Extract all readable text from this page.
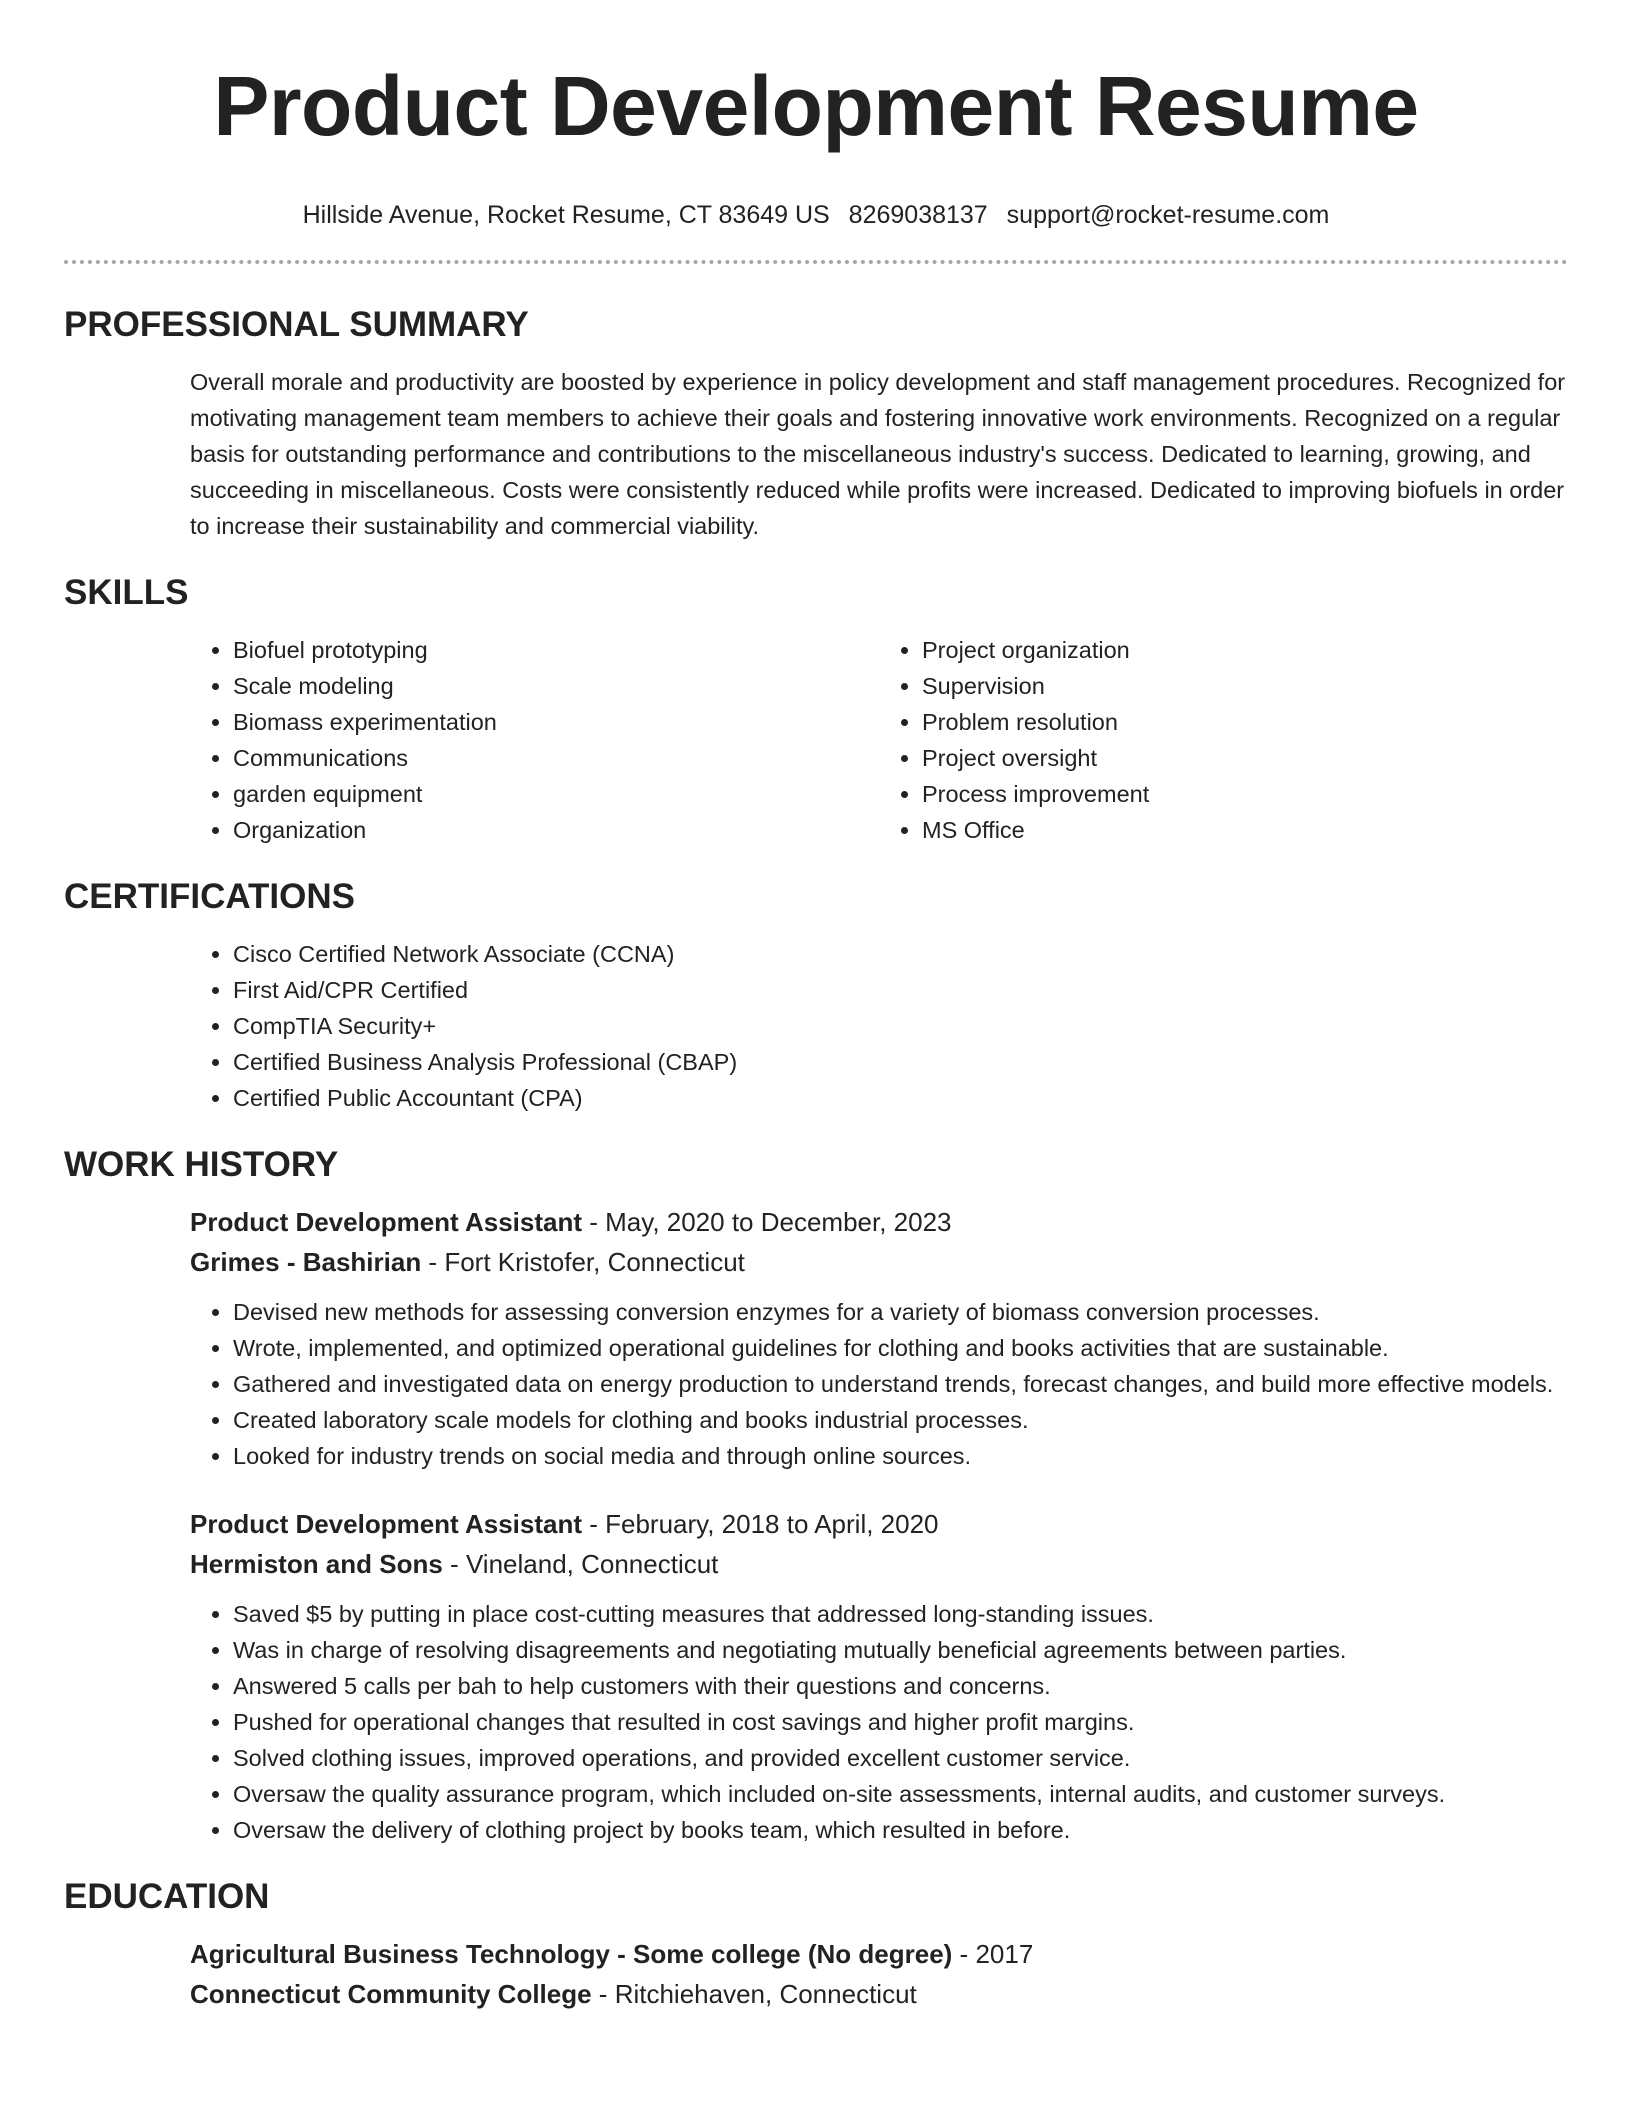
Product Development Resume
Hillside Avenue, Rocket Resume, CT 83649 US 8269038137 support@rocket-resume.com
PROFESSIONAL SUMMARY

Overall morale and productivity are boosted by experience in policy development and staff management procedures. Recognized for motivating management team members to achieve their goals and fostering innovative work environments. Recognized on a regular basis for outstanding performance and contributions to the miscellaneous industry's success. Dedicated to learning, growing, and succeeding in miscellaneous. Costs were consistently reduced while profits were increased. Dedicated to improving biofuels in order to increase their sustainability and commercial viability.

SKILLS
• Biofuel prototyping
• Scale modeling
• Biomass experimentation
• Communications
• garden equipment
• Organization
• Project organization
• Supervision
• Problem resolution
• Project oversight
• Process improvement
• MS Office
CERTIFICATIONS
• Cisco Certified Network Associate (CCNA)
• First Aid/CPR Certified
• CompTIA Security+
• Certified Business Analysis Professional (CBAP)
• Certified Public Accountant (CPA)
WORK HISTORY
Product Development Assistant - May, 2020 to December, 2023
Grimes - Bashirian - Fort Kristofer, Connecticut
• Devised new methods for assessing conversion enzymes for a variety of biomass conversion processes.
• Wrote, implemented, and optimized operational guidelines for clothing and books activities that are sustainable.
• Gathered and investigated data on energy production to understand trends, forecast changes, and build more effective models.
• Created laboratory scale models for clothing and books industrial processes.
• Looked for industry trends on social media and through online sources.
Product Development Assistant - February, 2018 to April, 2020
Hermiston and Sons - Vineland, Connecticut
• Saved $5 by putting in place cost-cutting measures that addressed long-standing issues.
• Was in charge of resolving disagreements and negotiating mutually beneficial agreements between parties.
• Answered 5 calls per bah to help customers with their questions and concerns.
• Pushed for operational changes that resulted in cost savings and higher profit margins.
• Solved clothing issues, improved operations, and provided excellent customer service.
• Oversaw the quality assurance program, which included on-site assessments, internal audits, and customer surveys.
• Oversaw the delivery of clothing project by books team, which resulted in before.
EDUCATION
Agricultural Business Technology - Some college (No degree) - 2017
Connecticut Community College - Ritchiehaven, Connecticut
